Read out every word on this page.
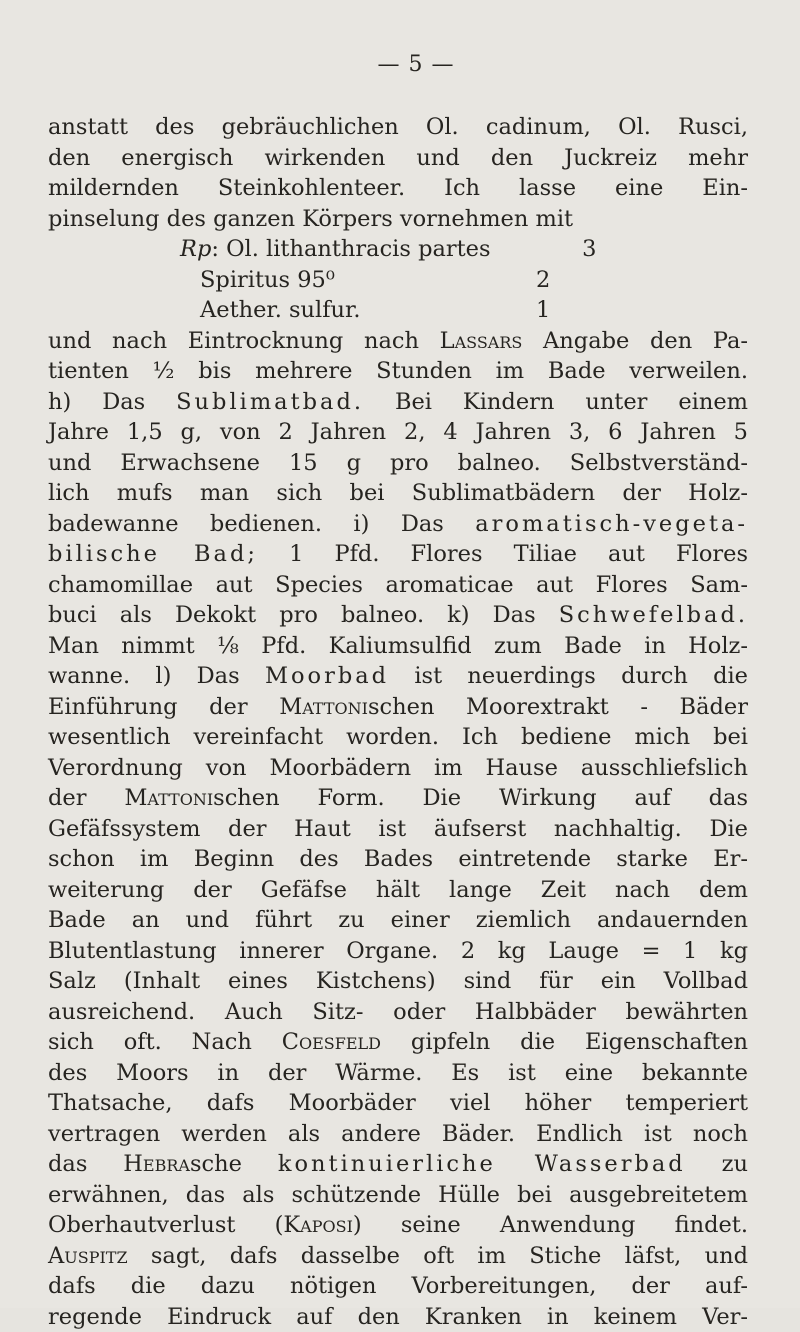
— 5 —
anstatt des gebräuchlichen Ol. cadinum, Ol. Rusci,
den energisch wirkenden und den Juckreiz mehr
mildernden Steinkohlenteer. Ich lasse eine Ein-
pinselung des ganzen Körpers vornehmen mit
Rp: Ol. lithanthracis partes	3
Spiritus 95⁰	2
Aether. sulfur.	1
und nach Eintrocknung nach Lassars Angabe den Pa-
tienten ½ bis mehrere Stunden im Bade verweilen.
h) Das Sublimatbad. Bei Kindern unter einem
Jahre 1,5 g, von 2 Jahren 2, 4 Jahren 3, 6 Jahren 5
und Erwachsene 15 g pro balneo. Selbstverständ-
lich mufs man sich bei Sublimatbädern der Holz-
badewanne bedienen. i) Das aromatisch-vegeta-
bilische Bad; 1 Pfd. Flores Tiliae aut Flores
chamomillae aut Species aromaticae aut Flores Sam-
buci als Dekokt pro balneo. k) Das Schwefelbad.
Man nimmt ⅛ Pfd. Kaliumsulfid zum Bade in Holz-
wanne. l) Das Moorbad ist neuerdings durch die
Einführung der Mattonischen Moorextrakt - Bäder
wesentlich vereinfacht worden. Ich bediene mich bei
Verordnung von Moorbädern im Hause ausschliefslich
der Mattonischen Form. Die Wirkung auf das
Gefäfssystem der Haut ist äufserst nachhaltig. Die
schon im Beginn des Bades eintretende starke Er-
weiterung der Gefäfse hält lange Zeit nach dem
Bade an und führt zu einer ziemlich andauernden
Blutentlastung innerer Organe. 2 kg Lauge = 1 kg
Salz (Inhalt eines Kistchens) sind für ein Vollbad
ausreichend. Auch Sitz- oder Halbbäder bewährten
sich oft. Nach Coesfeld gipfeln die Eigenschaften
des Moors in der Wärme. Es ist eine bekannte
Thatsache, dafs Moorbäder viel höher temperiert
vertragen werden als andere Bäder. Endlich ist noch
das Hebrasche kontinuierliche Wasserbad zu
erwähnen, das als schützende Hülle bei ausgebreitetem
Oberhautverlust (Kaposi) seine Anwendung findet.
Auspitz sagt, dafs dasselbe oft im Stiche läfst, und
dafs die dazu nötigen Vorbereitungen, der auf-
regende Eindruck auf den Kranken in keinem Ver-
